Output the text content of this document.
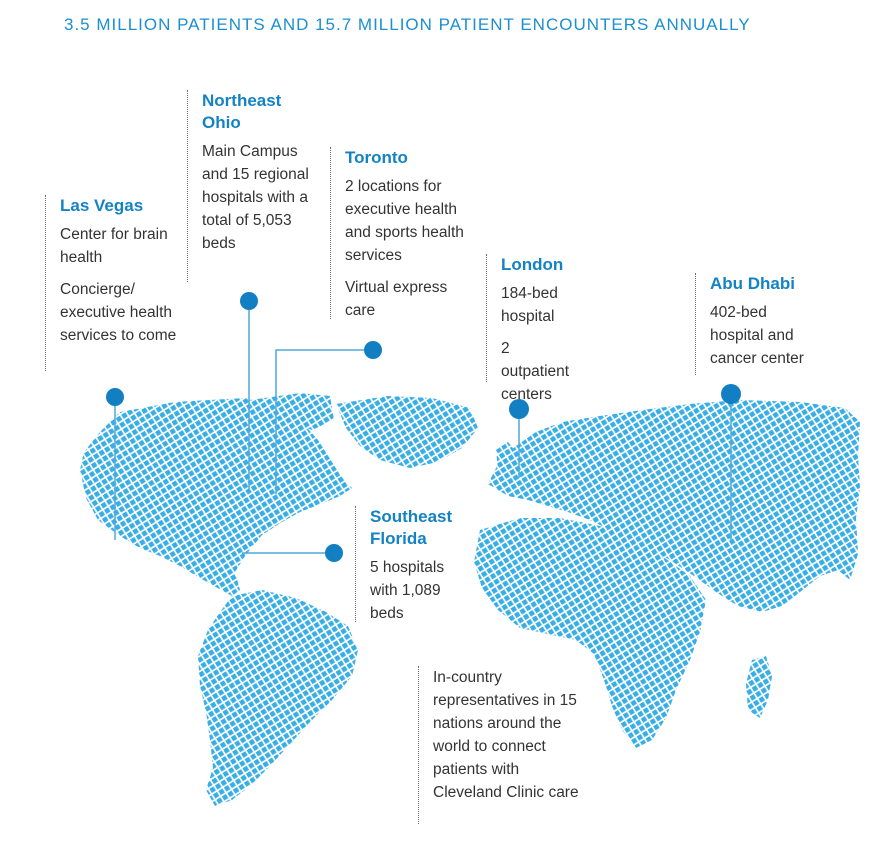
3.5 MILLION PATIENTS AND 15.7 MILLION PATIENT ENCOUNTERS ANNUALLY
Northeast
Ohio

Main Campus and 15 regional hospitals with a total of 5,053 beds

Toronto

2 locations for executive health and sports health services

Virtual express care

Las Vegas

Center for brain health

Concierge/ executive health services to come

London

184-bed hospital

2 outpatient centers

Abu Dhabi

402-bed hospital and cancer center

Southeast
Florida

5 hospitals with 1,089 beds

In-country representatives in 15 nations around the world to connect patients with Cleveland Clinic care
